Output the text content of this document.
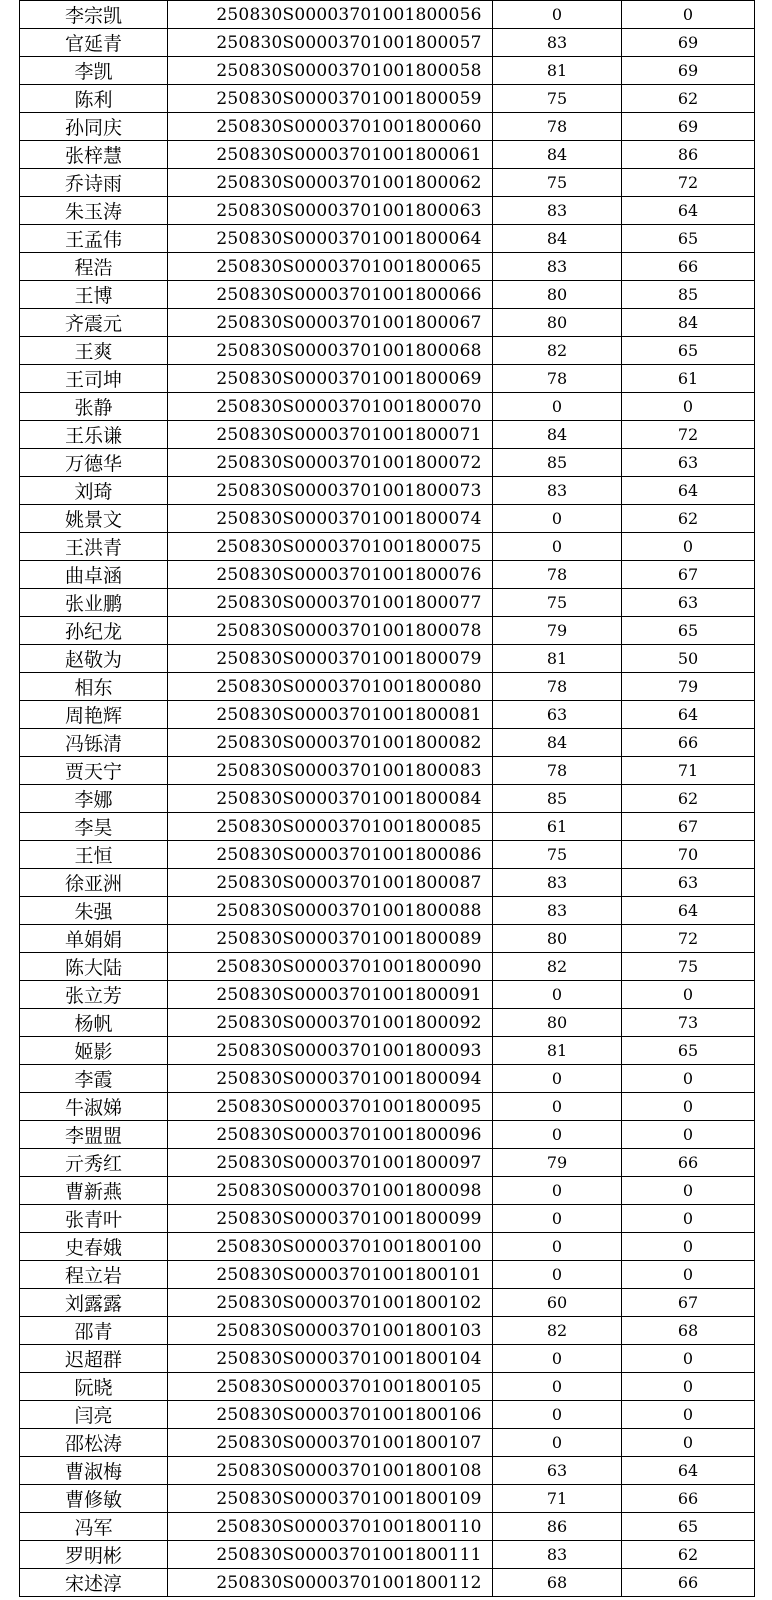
李宗凯	250830S00003701001800056	0	0
官延青	250830S00003701001800057	83	69
李凯	250830S00003701001800058	81	69
陈利	250830S00003701001800059	75	62
孙同庆	250830S00003701001800060	78	69
张梓慧	250830S00003701001800061	84	86
乔诗雨	250830S00003701001800062	75	72
朱玉涛	250830S00003701001800063	83	64
王孟伟	250830S00003701001800064	84	65
程浩	250830S00003701001800065	83	66
王博	250830S00003701001800066	80	85
齐震元	250830S00003701001800067	80	84
王爽	250830S00003701001800068	82	65
王司坤	250830S00003701001800069	78	61
张静	250830S00003701001800070	0	0
王乐谦	250830S00003701001800071	84	72
万德华	250830S00003701001800072	85	63
刘琦	250830S00003701001800073	83	64
姚景文	250830S00003701001800074	0	62
王洪青	250830S00003701001800075	0	0
曲卓涵	250830S00003701001800076	78	67
张业鹏	250830S00003701001800077	75	63
孙纪龙	250830S00003701001800078	79	65
赵敬为	250830S00003701001800079	81	50
相东	250830S00003701001800080	78	79
周艳辉	250830S00003701001800081	63	64
冯铄清	250830S00003701001800082	84	66
贾天宁	250830S00003701001800083	78	71
李娜	250830S00003701001800084	85	62
李昊	250830S00003701001800085	61	67
王恒	250830S00003701001800086	75	70
徐亚洲	250830S00003701001800087	83	63
朱强	250830S00003701001800088	83	64
单娟娟	250830S00003701001800089	80	72
陈大陆	250830S00003701001800090	82	75
张立芳	250830S00003701001800091	0	0
杨帆	250830S00003701001800092	80	73
姬影	250830S00003701001800093	81	65
李霞	250830S00003701001800094	0	0
牛淑娣	250830S00003701001800095	0	0
李盟盟	250830S00003701001800096	0	0
亓秀红	250830S00003701001800097	79	66
曹新燕	250830S00003701001800098	0	0
张青叶	250830S00003701001800099	0	0
史春娥	250830S00003701001800100	0	0
程立岩	250830S00003701001800101	0	0
刘露露	250830S00003701001800102	60	67
邵青	250830S00003701001800103	82	68
迟超群	250830S00003701001800104	0	0
阮晓	250830S00003701001800105	0	0
闫亮	250830S00003701001800106	0	0
邵松涛	250830S00003701001800107	0	0
曹淑梅	250830S00003701001800108	63	64
曹修敏	250830S00003701001800109	71	66
冯军	250830S00003701001800110	86	65
罗明彬	250830S00003701001800111	83	62
宋述淳	250830S00003701001800112	68	66
